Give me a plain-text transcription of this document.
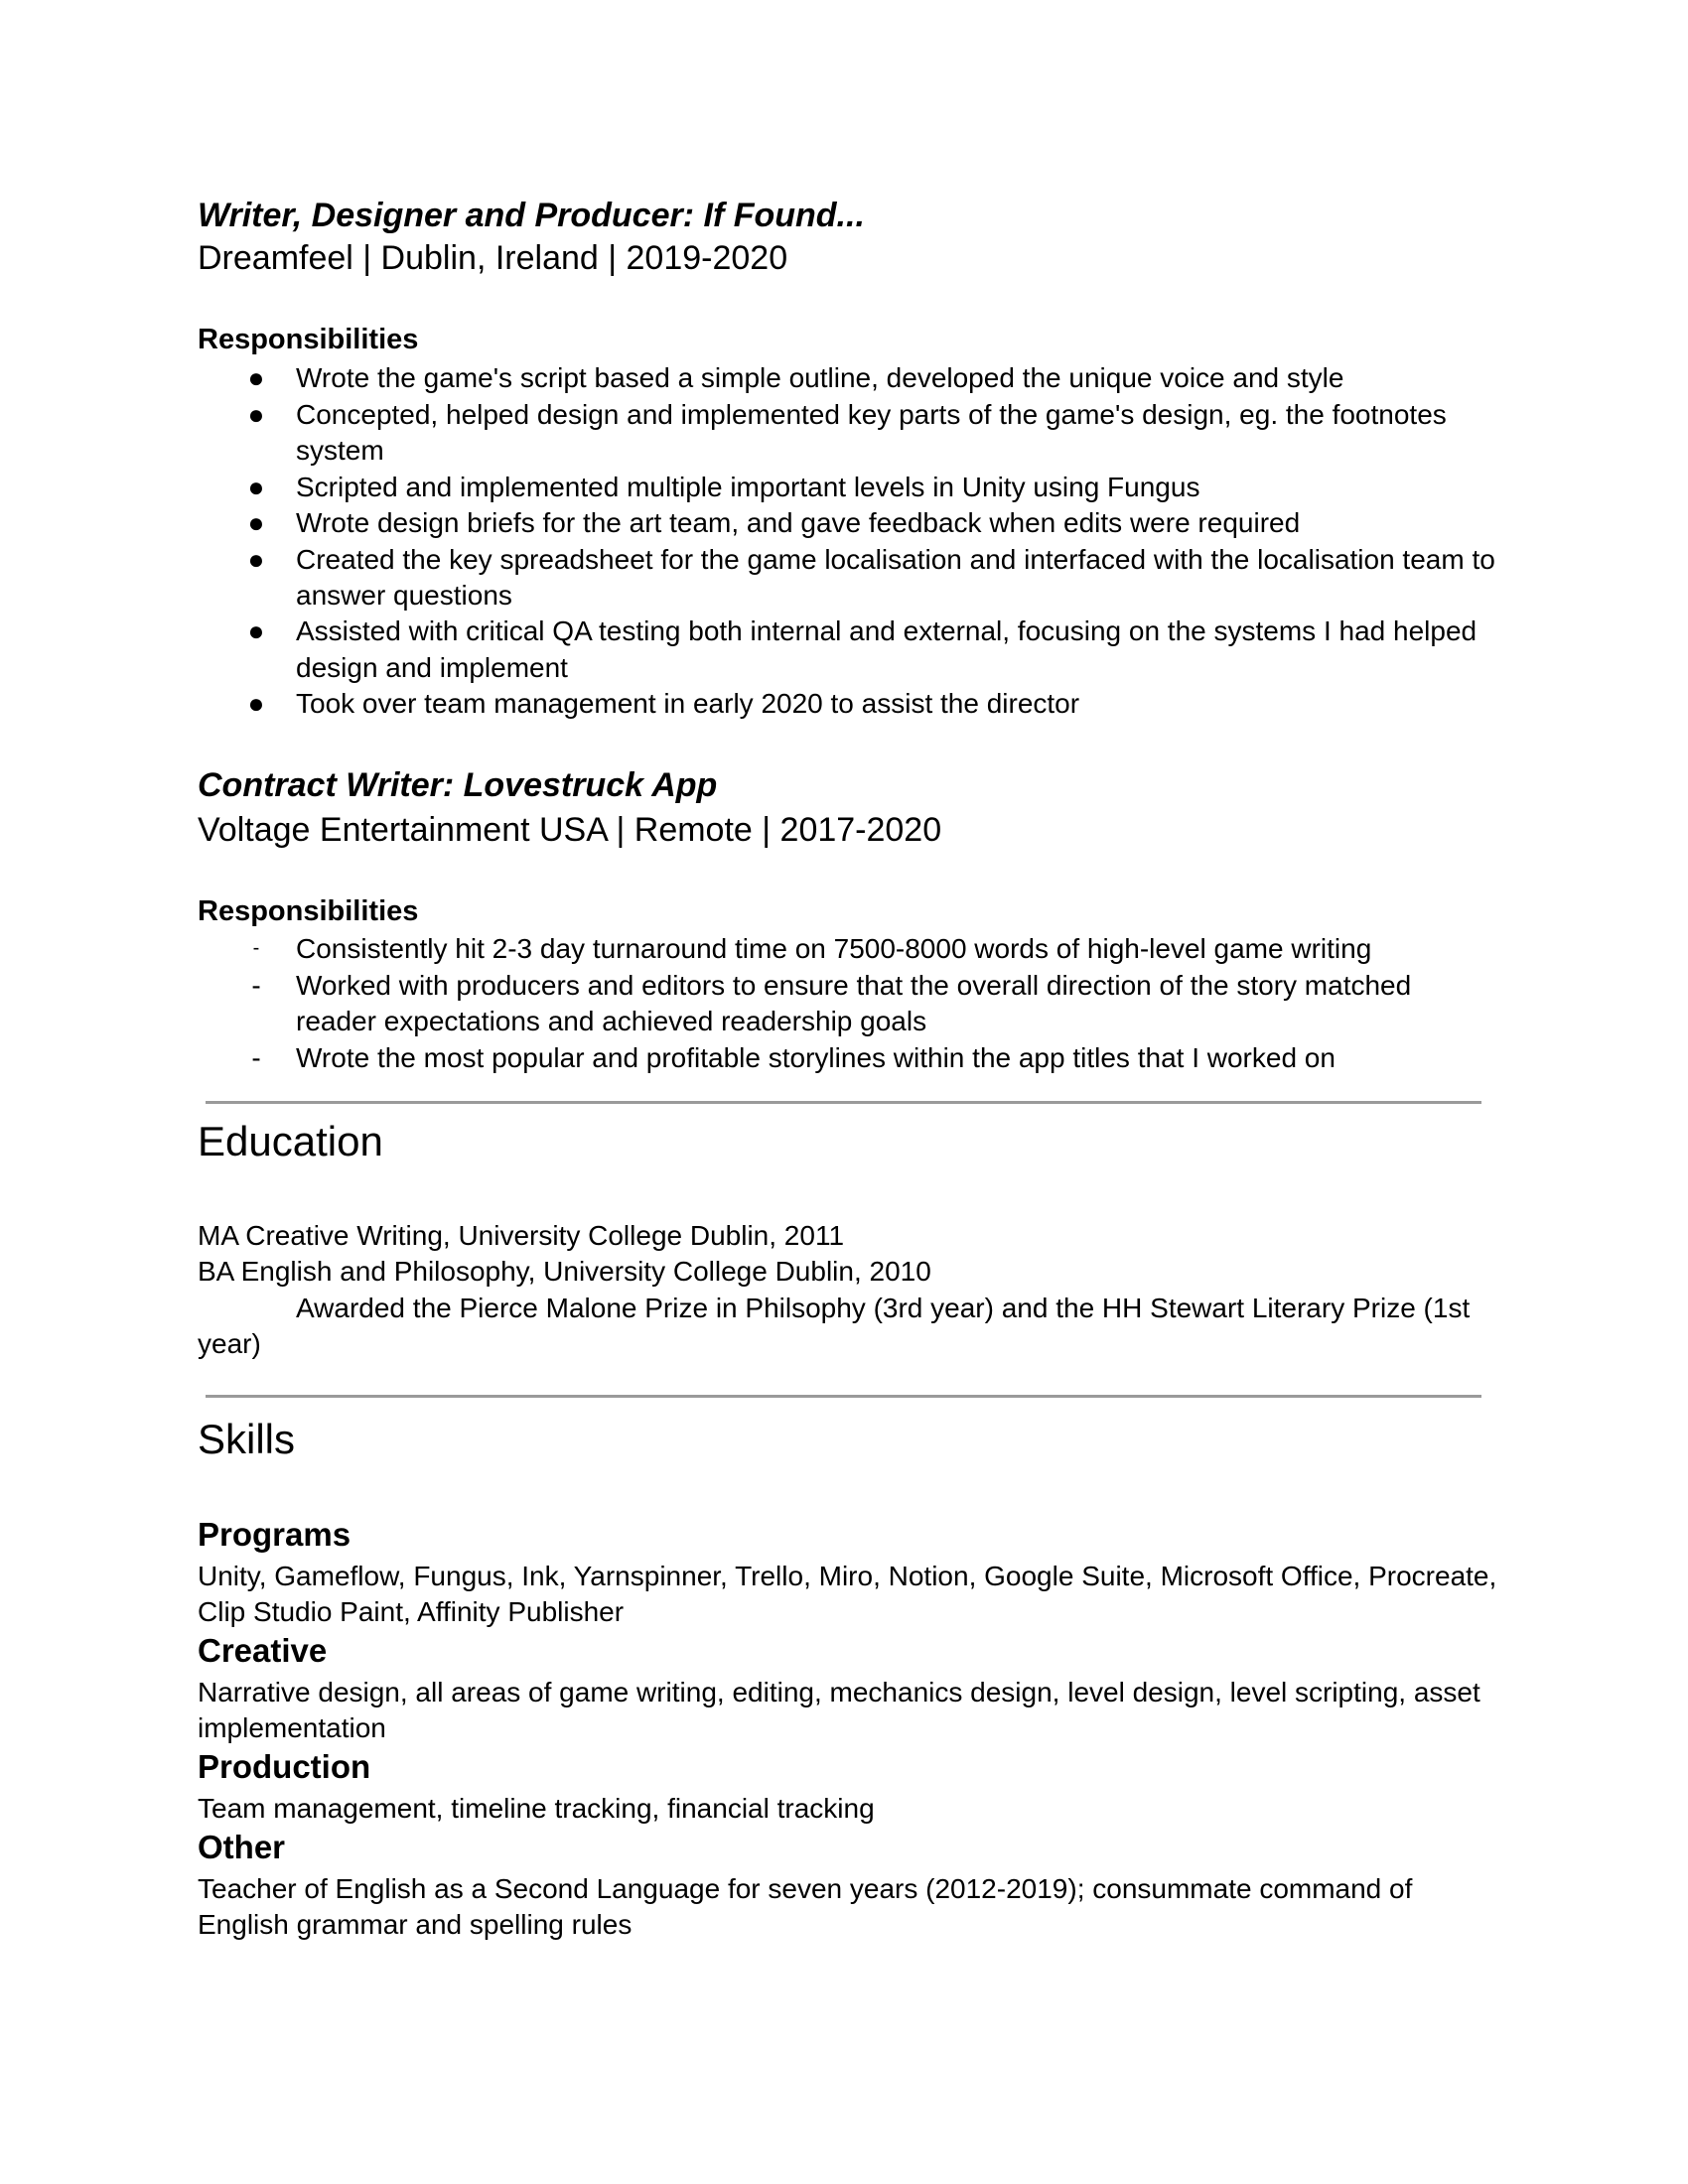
Writer, Designer and Producer: If Found...
Dreamfeel | Dublin, Ireland | 2019-2020
Responsibilities
●	Wrote the game's script based a simple outline, developed the unique voice and style
●	Concepted, helped design and implemented key parts of the game's design, eg. the footnotes
system
●	Scripted and implemented multiple important levels in Unity using Fungus
●	Wrote design briefs for the art team, and gave feedback when edits were required
●	Created the key spreadsheet for the game localisation and interfaced with the localisation team to
answer questions
●	Assisted with critical QA testing both internal and external, focusing on the systems I had helped
design and implement
●	Took over team management in early 2020 to assist the director
Contract Writer: Lovestruck App
Voltage Entertainment USA | Remote | 2017-2020
Responsibilities
-	Consistently hit 2-3 day turnaround time on 7500-8000 words of high-level game writing
-	Worked with producers and editors to ensure that the overall direction of the story matched
reader expectations and achieved readership goals
-	Wrote the most popular and profitable storylines within the app titles that I worked on
Education
MA Creative Writing, University College Dublin, 2011
BA English and Philosophy, University College Dublin, 2010
Awarded the Pierce Malone Prize in Philsophy (3rd year) and the HH Stewart Literary Prize (1st
year)
Skills
Programs
Unity, Gameflow, Fungus, Ink, Yarnspinner, Trello, Miro, Notion, Google Suite, Microsoft Office, Procreate,
Clip Studio Paint, Affinity Publisher
Creative
Narrative design, all areas of game writing, editing, mechanics design, level design, level scripting, asset
implementation
Production
Team management, timeline tracking, financial tracking
Other
Teacher of English as a Second Language for seven years (2012-2019); consummate command of
English grammar and spelling rules
